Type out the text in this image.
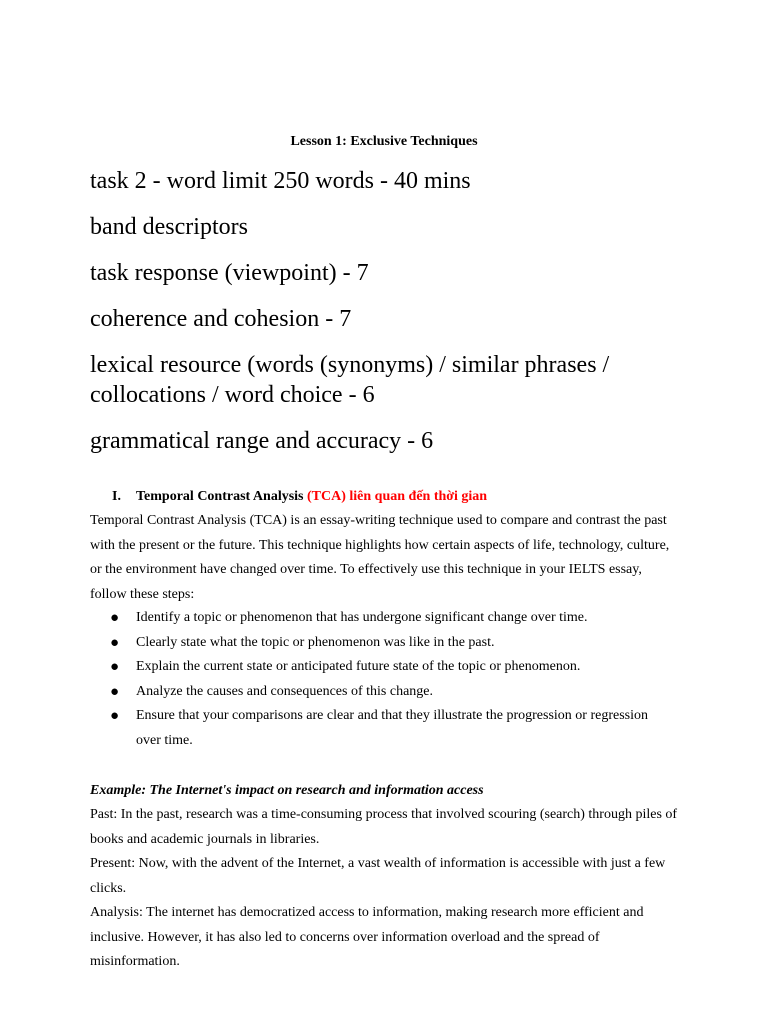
Lesson 1: Exclusive Techniques
task 2 - word limit 250 words - 40 mins
band descriptors
task response (viewpoint) - 7
coherence and cohesion - 7
lexical resource (words (synonyms) / similar phrases / collocations / word choice - 6
grammatical range and accuracy - 6
I. Temporal Contrast Analysis (TCA) liên quan đến thời gian
Temporal Contrast Analysis (TCA) is an essay-writing technique used to compare and contrast the past with the present or the future. This technique highlights how certain aspects of life, technology, culture, or the environment have changed over time. To effectively use this technique in your IELTS essay, follow these steps:
● Identify a topic or phenomenon that has undergone significant change over time.
● Clearly state what the topic or phenomenon was like in the past.
● Explain the current state or anticipated future state of the topic or phenomenon.
● Analyze the causes and consequences of this change.
● Ensure that your comparisons are clear and that they illustrate the progression or regression over time.
Example: The Internet's impact on research and information access

Past: In the past, research was a time-consuming process that involved scouring (search) through piles of books and academic journals in libraries.

Present: Now, with the advent of the Internet, a vast wealth of information is accessible with just a few clicks.

Analysis: The internet has democratized access to information, making research more efficient and inclusive. However, it has also led to concerns over information overload and the spread of misinformation.
